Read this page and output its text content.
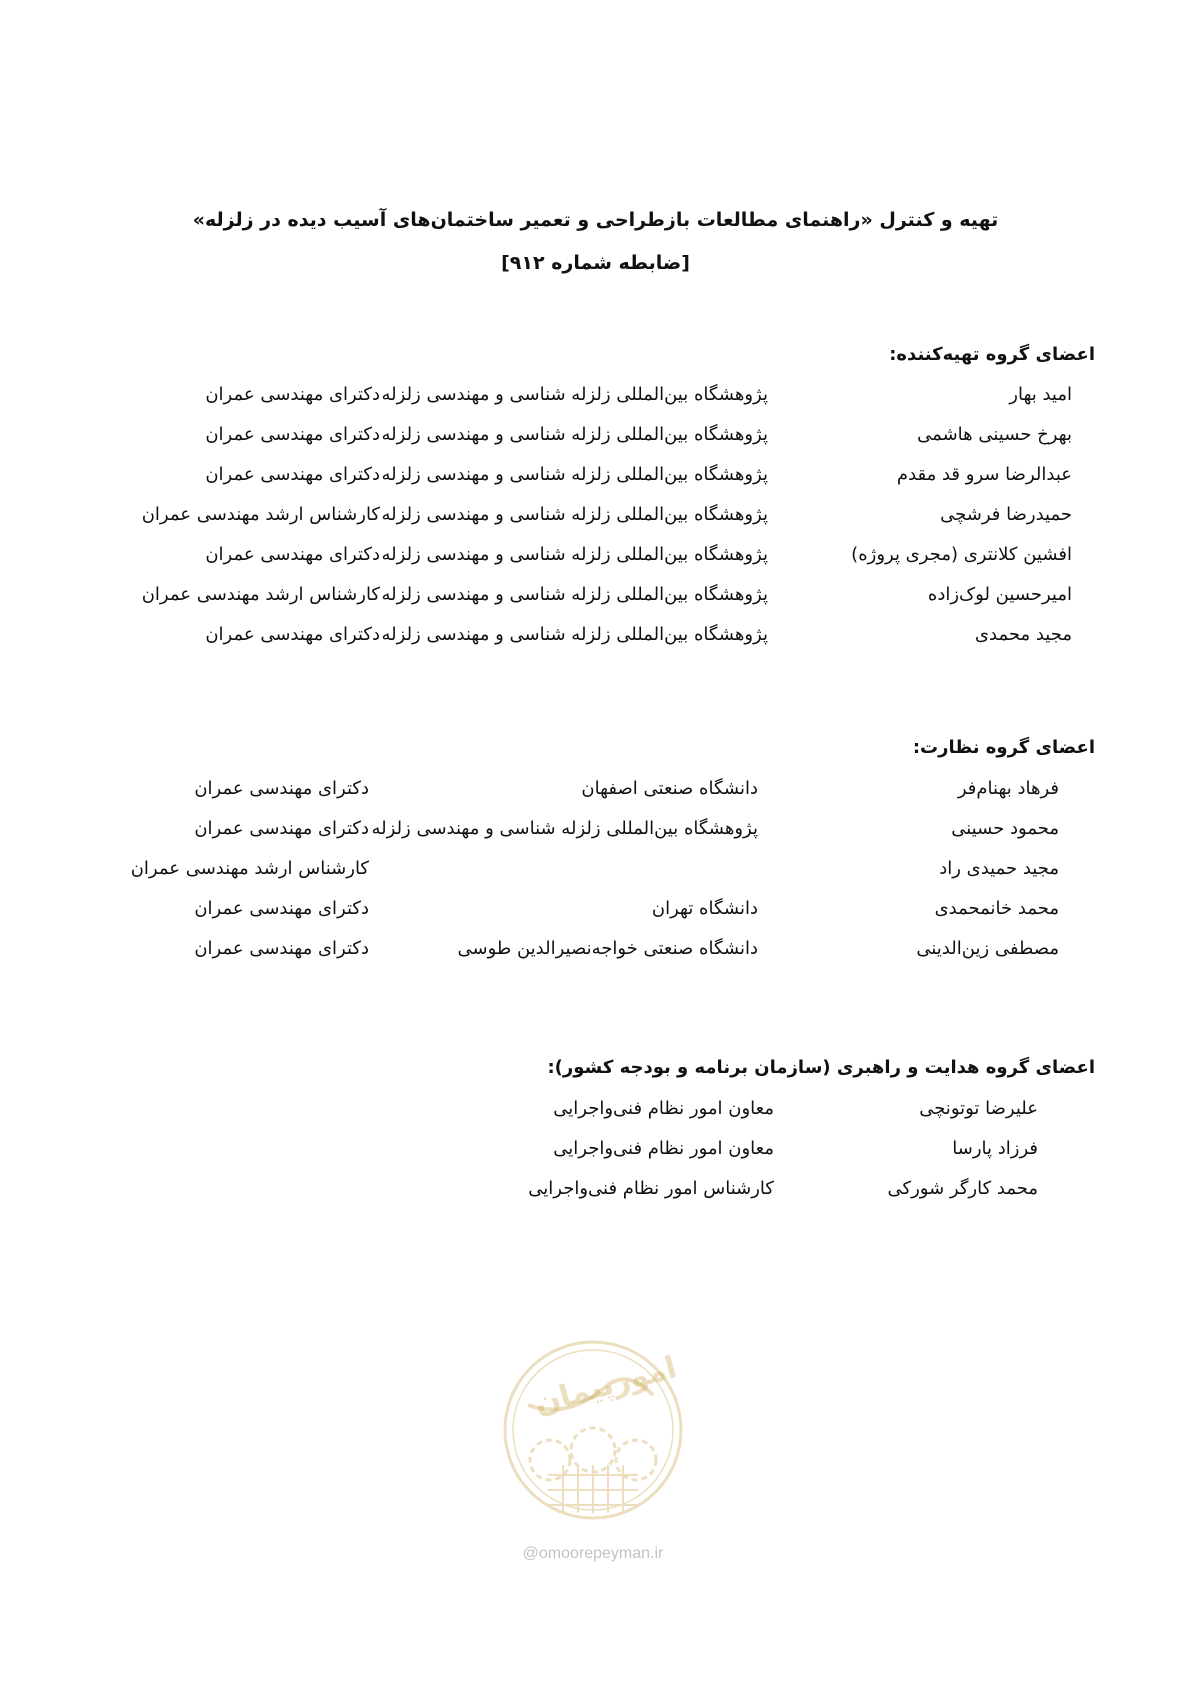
تهیه و کنترل «راهنمای مطالعات بازطراحی و تعمیر ساختمان‌های آسیب دیده در زلزله»
[ضابطه شماره ۹۱۲]
اعضای گروه تهیه‌کننده:
امید بهار
پژوهشگاه بین‌المللی زلزله شناسی و مهندسی زلزله
دکترای مهندسی عمران
بهرخ حسینی هاشمی
پژوهشگاه بین‌المللی زلزله شناسی و مهندسی زلزله
دکترای مهندسی عمران
عبدالرضا سرو قد مقدم
پژوهشگاه بین‌المللی زلزله شناسی و مهندسی زلزله
دکترای مهندسی عمران
حمیدرضا فرشچی
پژوهشگاه بین‌المللی زلزله شناسی و مهندسی زلزله
کارشناس ارشد مهندسی عمران
افشین کلانتری (مجری پروژه)
پژوهشگاه بین‌المللی زلزله شناسی و مهندسی زلزله
دکترای مهندسی عمران
امیرحسین لوک‌زاده
پژوهشگاه بین‌المللی زلزله شناسی و مهندسی زلزله
کارشناس ارشد مهندسی عمران
مجید محمدی
پژوهشگاه بین‌المللی زلزله شناسی و مهندسی زلزله
دکترای مهندسی عمران
اعضای گروه نظارت:
فرهاد بهنام‌فر
دانشگاه صنعتی اصفهان
دکترای مهندسی عمران
محمود حسینی
پژوهشگاه بین‌المللی زلزله شناسی و مهندسی زلزله
دکترای مهندسی عمران
مجید حمیدی راد
کارشناس ارشد مهندسی عمران
محمد خانمحمدی
دانشگاه تهران
دکترای مهندسی عمران
مصطفی زین‌الدینی
دانشگاه صنعتی خواجه‌نصیرالدین طوسی
دکترای مهندسی عمران
اعضای گروه هدایت و راهبری (سازمان برنامه و بودجه کشور):
علیرضا توتونچی
معاون امور نظام فنی‌واجرایی
فرزاد پارسا
معاون امور نظام فنی‌واجرایی
محمد کارگر شورکی
کارشناس امور نظام فنی‌واجرایی
امورپیمان
@omoorepeyman.ir
